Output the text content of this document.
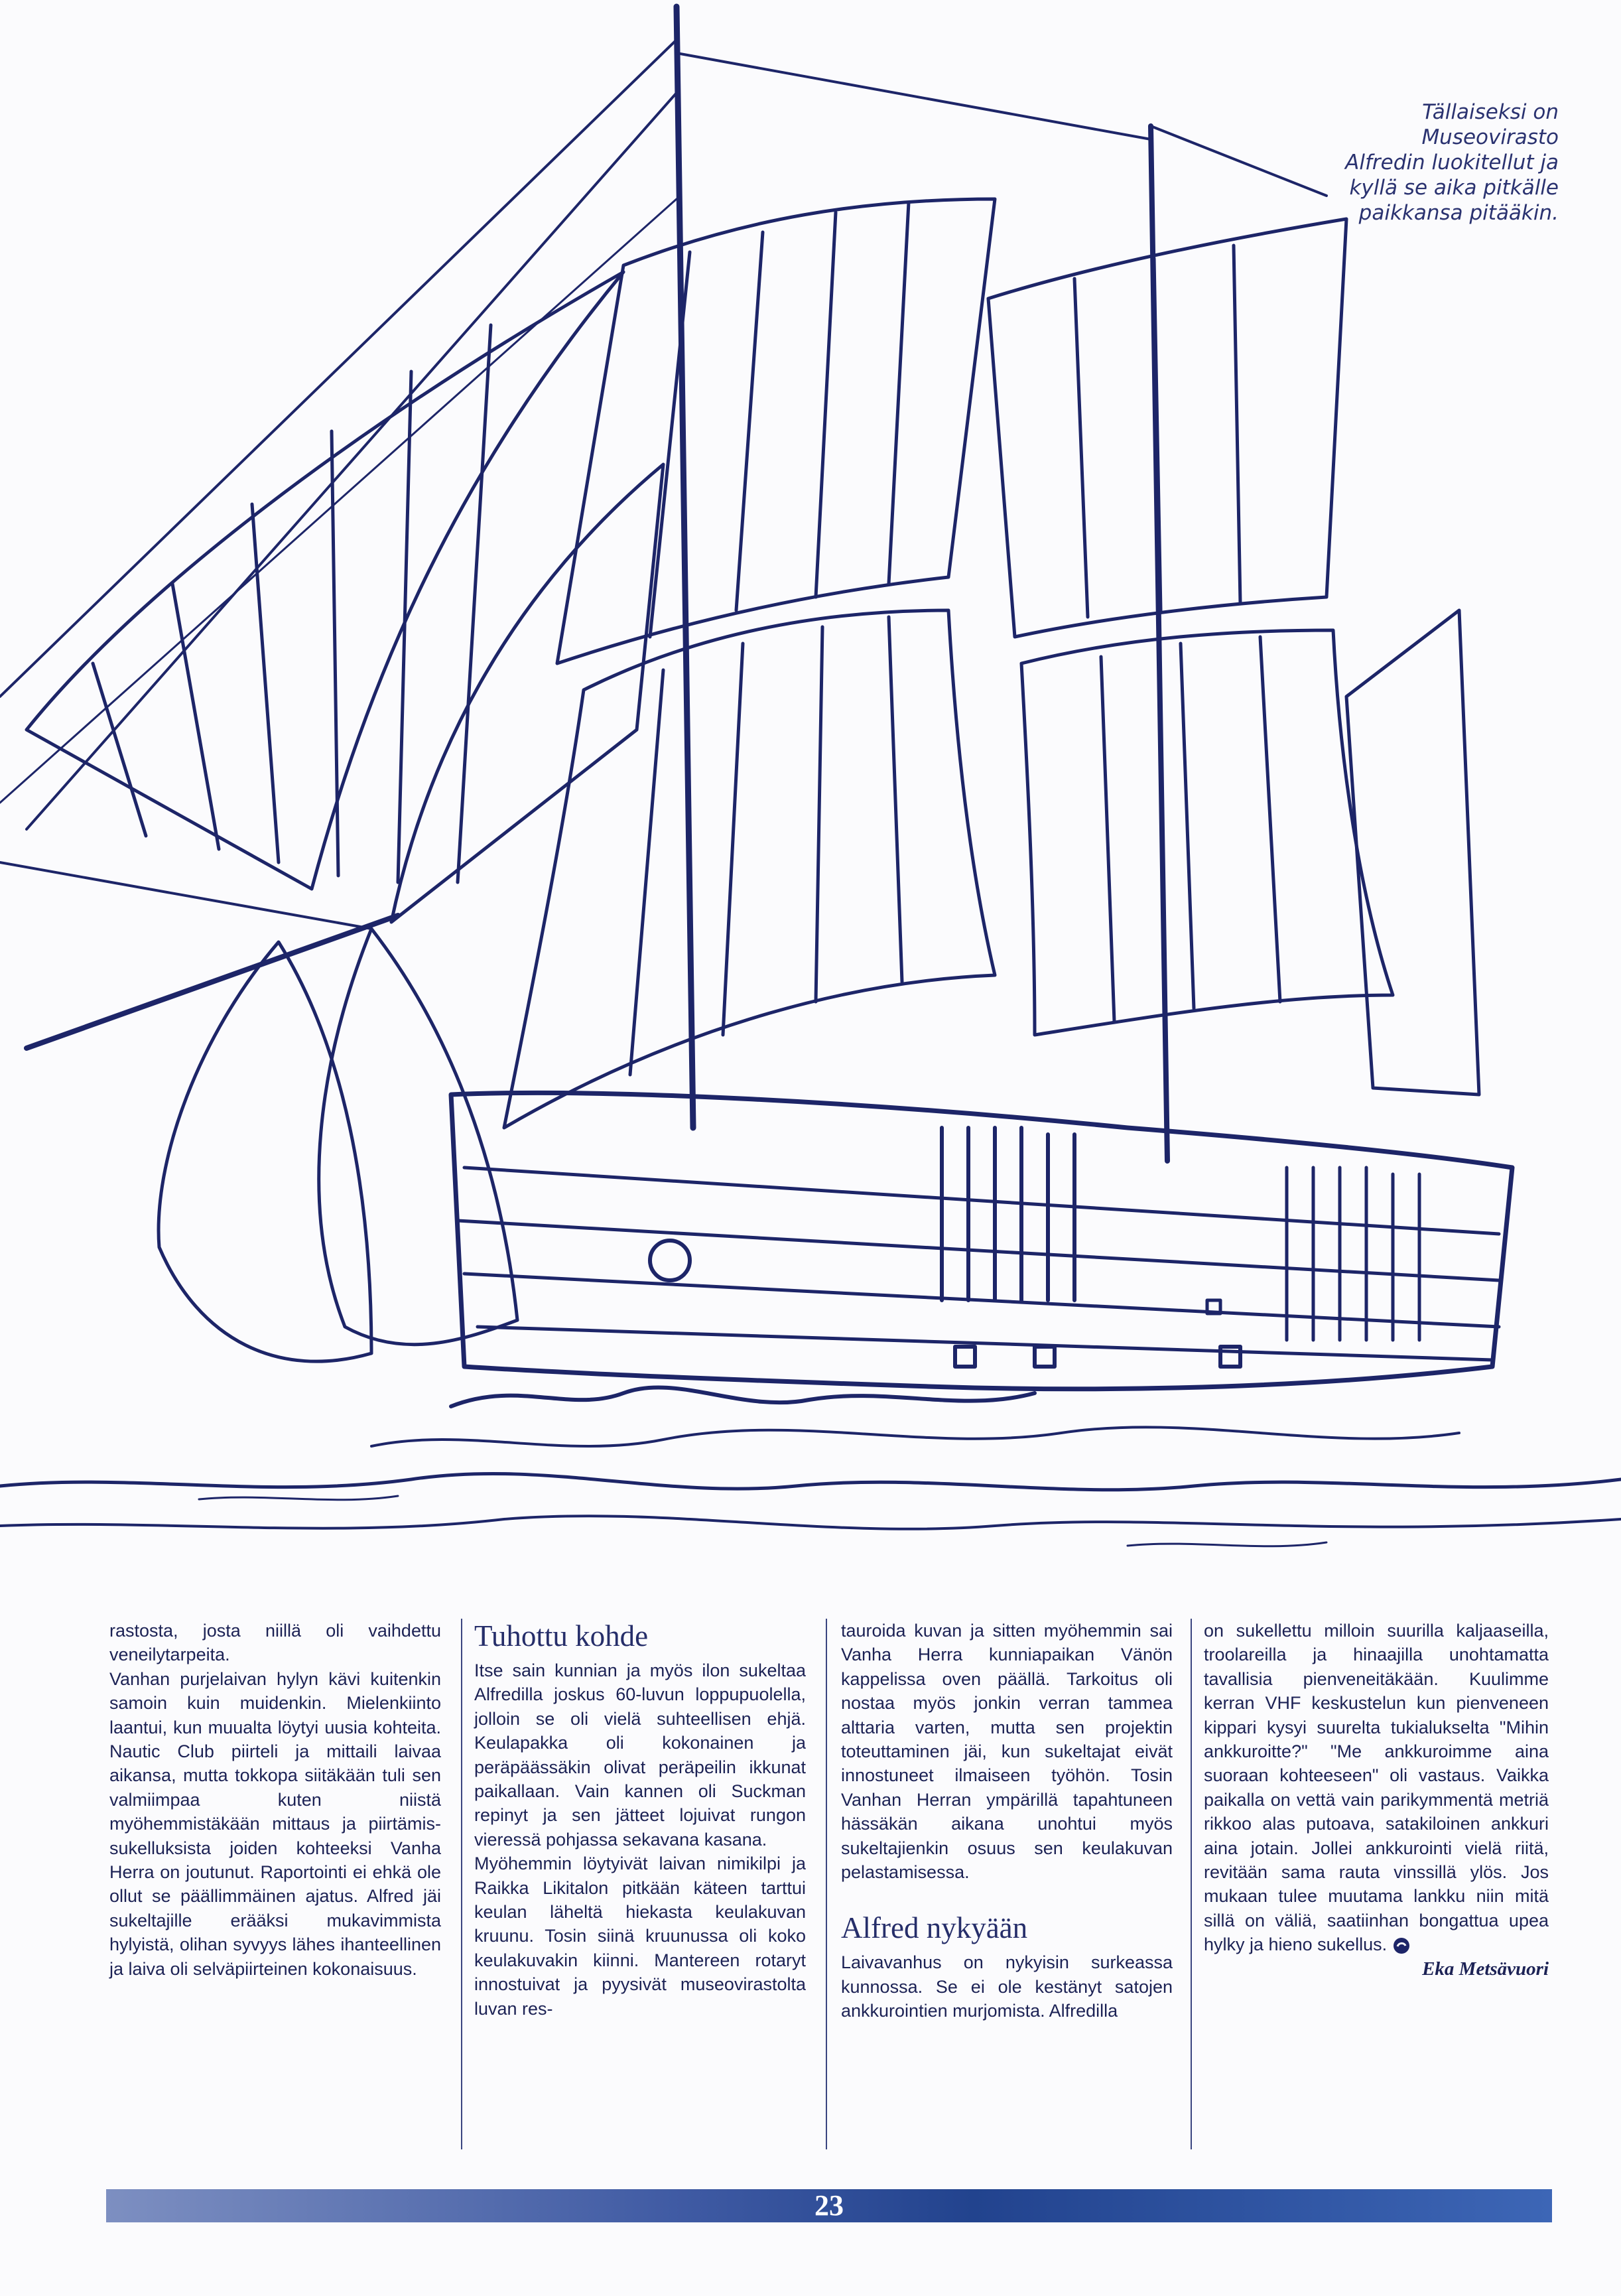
Tällaiseksi on Museovirasto Alfredin luokitellut ja kyllä se aika pitkälle paikkansa pitääkin.

rastosta, josta niillä oli vaihdettu veneilytarpeita.

Vanhan purjelaivan hylyn kävi kuitenkin samoin kuin muidenkin. Mielenkiinto laantui, kun muualta löytyi uusia kohteita. Nautic Club piirteli ja mittaili laivaa aikansa, mutta tokkopa siitäkään tuli sen valmiimpaa kuten niistä myöhemmistäkään mittaus ja piirtämis-sukelluksista joiden kohteeksi Vanha Herra on joutunut. Raportointi ei ehkä ole ollut se päällimmäinen ajatus. Alfred jäi sukeltajille erääksi mukavimmista hylyistä, olihan syvyys lähes ihanteellinen ja laiva oli selväpiirteinen kokonaisuus.

Tuhottu kohde

Itse sain kunnian ja myös ilon sukeltaa Alfredilla joskus 60-luvun loppupuolella, jolloin se oli vielä suhteellisen ehjä. Keulapakka oli kokonainen ja peräpäässäkin olivat peräpeilin ikkunat paikallaan. Vain kannen oli Suckman repinyt ja sen jättеet lojuivat rungon vieressä pohjassa sekavana kasana.

Myöhemmin löytyivät laivan nimikilpi ja Raikka Likitalon pitkään käteen tarttui keulan läheltä hiekasta keulakuvan kruunu. Tosin siinä kruunussa oli koko keulakuvakin kiinni. Mantereen rotaryt innostuivat ja pyysivät museovirastolta luvan res-

tauroida kuvan ja sitten myöhemmin sai Vanha Herra kunniapaikan Vänön kappelissa oven päällä. Tarkoitus oli nostaa myös jonkin verran tammea alttaria varten, mutta sen projektin toteuttaminen jäi, kun sukeltajat eivät innostuneet ilmaiseen työhön. Tosin Vanhan Herran ympärillä tapahtuneen hässäkän aikana unohtui myös sukeltajienkin osuus sen keulakuvan pelastamisessa.

Alfred nykyään

Laivavanhus on nykyisin surkeassa kunnossa. Se ei ole kestänyt satojen ankkurointien murjomista. Alfredilla

on sukellettu milloin suurilla kaljaaseilla, troolareilla ja hinaajilla unohtamatta tavallisia pienveneitäkään. Kuulimme kerran VHF keskustelun kun pienveneen kippari kysyi suurelta tukialukselta "Mihin ankkuroitte?" "Me ankkuroimme aina suoraan kohteeseen" oli vastaus. Vaikka paikalla on vettä vain parikymmentä metriä rikkoo alas putoava, satakiloinen ankkuri aina jotain. Jollei ankkurointi vielä riitä, revitään sama rauta vinssillä ylös. Jos mukaan tulee muutama lankku niin mitä sillä on väliä, saatiinhan bongattua upea hylky ja hieno sukellus.

Eka Metsävuori

23
